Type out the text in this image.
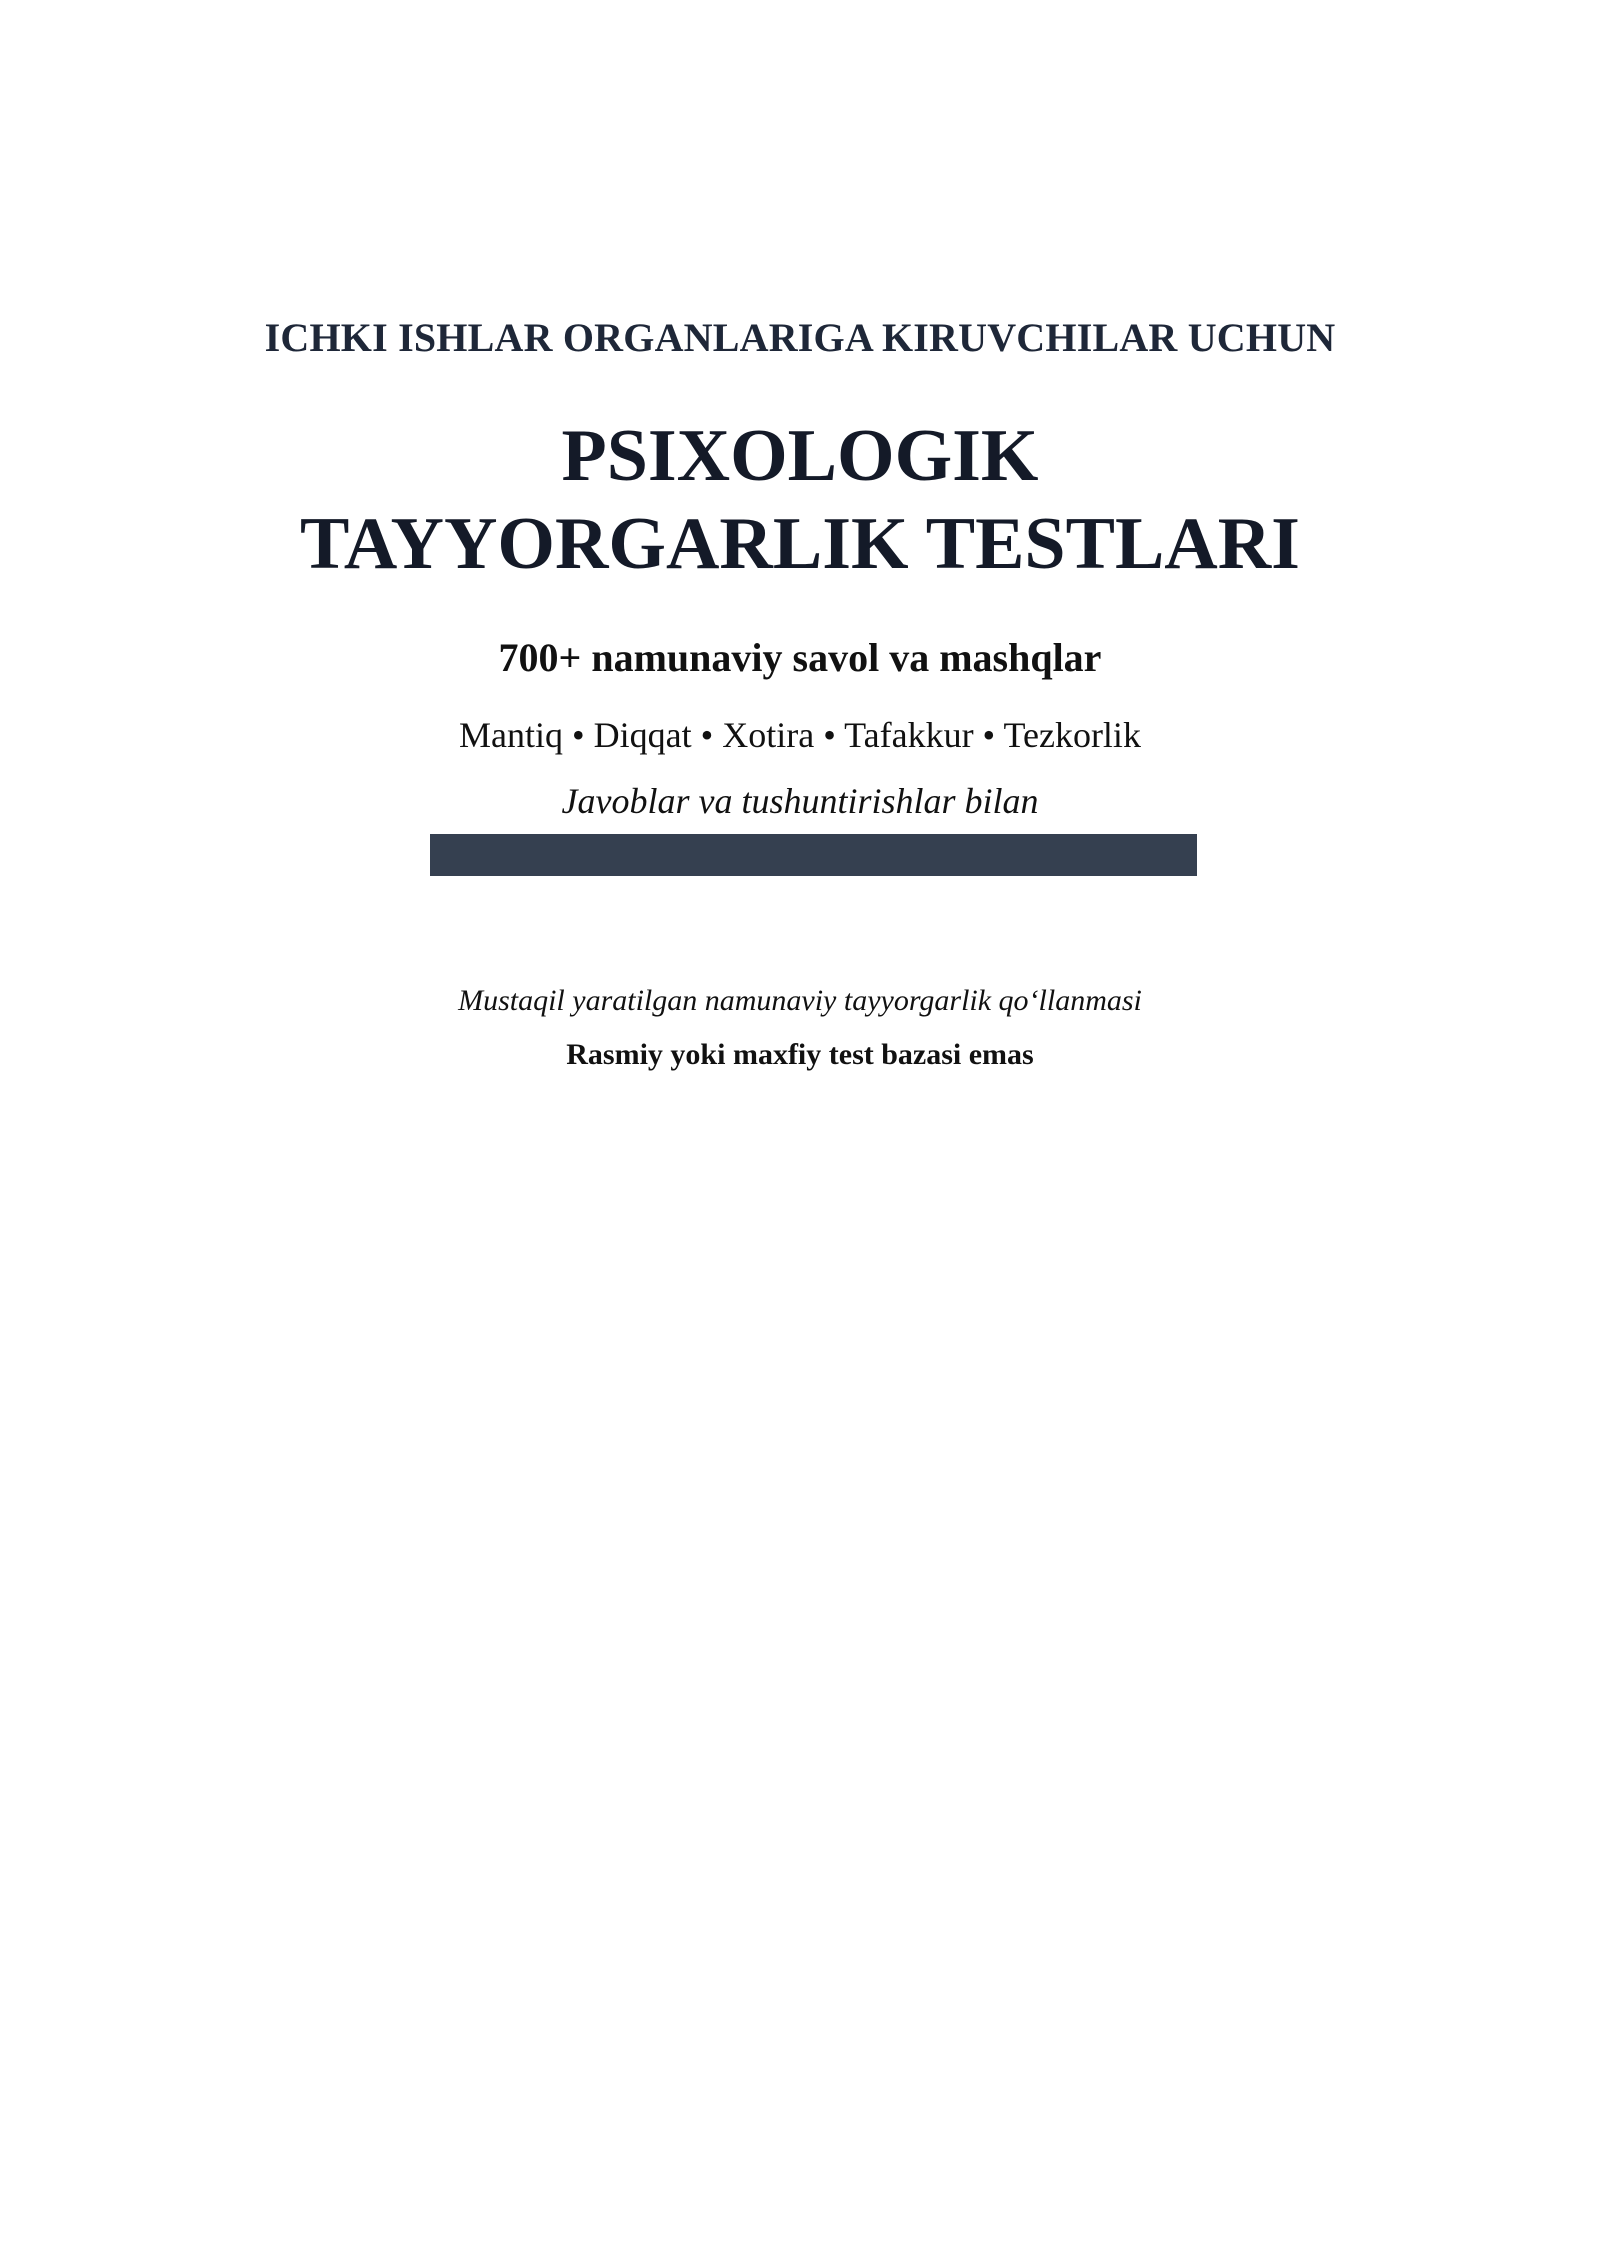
ICHKI ISHLAR ORGANLARIGA KIRUVCHILAR UCHUN

PSIXOLOGIK
TAYYORGARLIK TESTLARI

700+ namunaviy savol va mashqlar

Mantiq • Diqqat • Xotira • Tafakkur • Tezkorlik

Javoblar va tushuntirishlar bilan

Mustaqil yaratilgan namunaviy tayyorgarlik qo‘llanmasi

Rasmiy yoki maxfiy test bazasi emas
